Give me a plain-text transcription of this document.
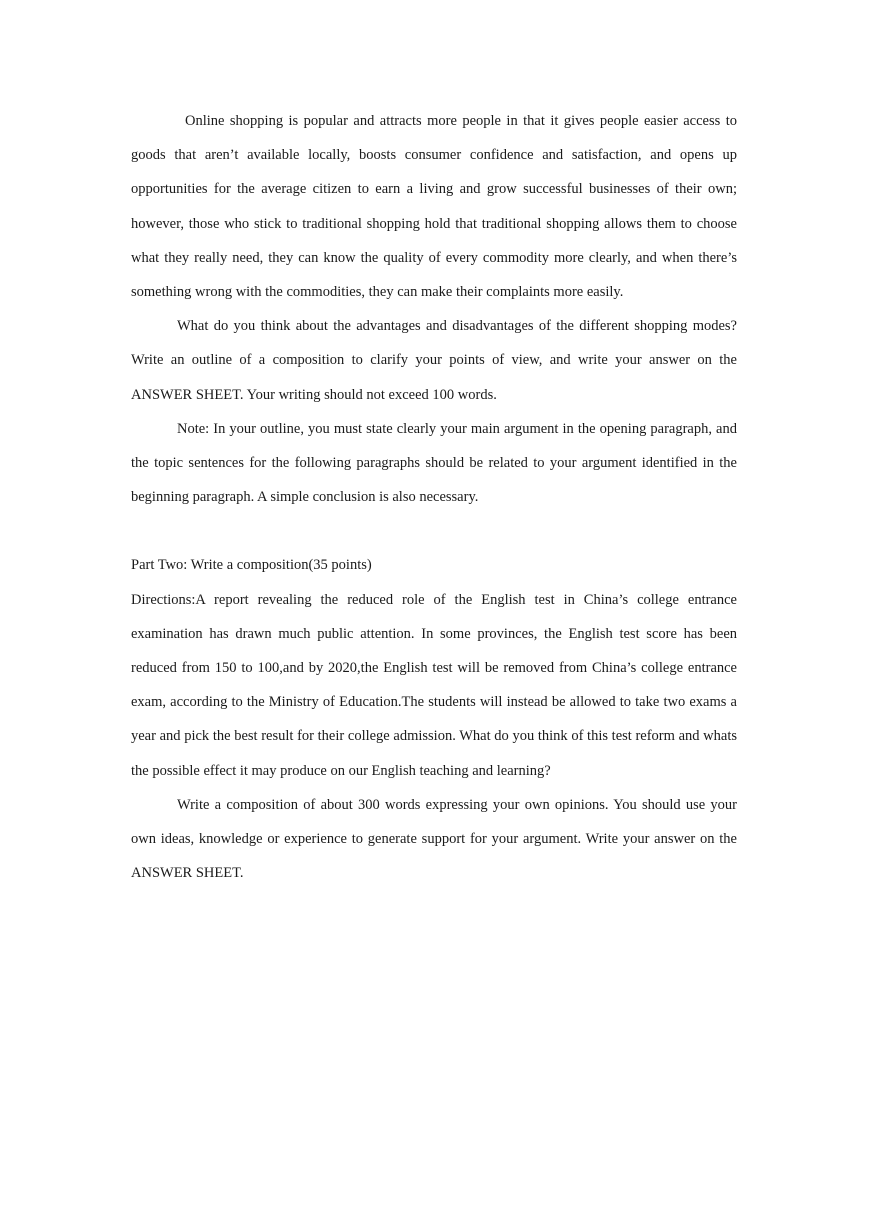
Online shopping is popular and attracts more people in that it gives people easier access to goods that aren’t available locally, boosts consumer confidence and satisfaction, and opens up opportunities for the average citizen to earn a living and grow successful businesses of their own; however, those who stick to traditional shopping hold that traditional shopping allows them to choose what they really need, they can know the quality of every commodity more clearly, and when there’s something wrong with the commodities, they can make their complaints more easily.

What do you think about the advantages and disadvantages of the different shopping modes? Write an outline of a composition to clarify your points of view, and write your answer on the ANSWER SHEET. Your writing should not exceed 100 words.

Note: In your outline, you must state clearly your main argument in the opening paragraph, and the topic sentences for the following paragraphs should be related to your argument identified in the beginning paragraph. A simple conclusion is also necessary.

Part Two: Write a composition(35 points)

Directions:A report revealing the reduced role of the English test in China’s college entrance examination has drawn much public attention. In some provinces, the English test score has been reduced from 150 to 100,and by 2020,the English test will be removed from China’s college entrance exam, according to the Ministry of Education.The students will instead be allowed to take two exams a year and pick the best result for their college admission. What do you think of this test reform and whats the possible effect it may produce on our English teaching and learning?

Write a composition of about 300 words expressing your own opinions. You should use your own ideas, knowledge or experience to generate support for your argument. Write your answer on the ANSWER SHEET.
